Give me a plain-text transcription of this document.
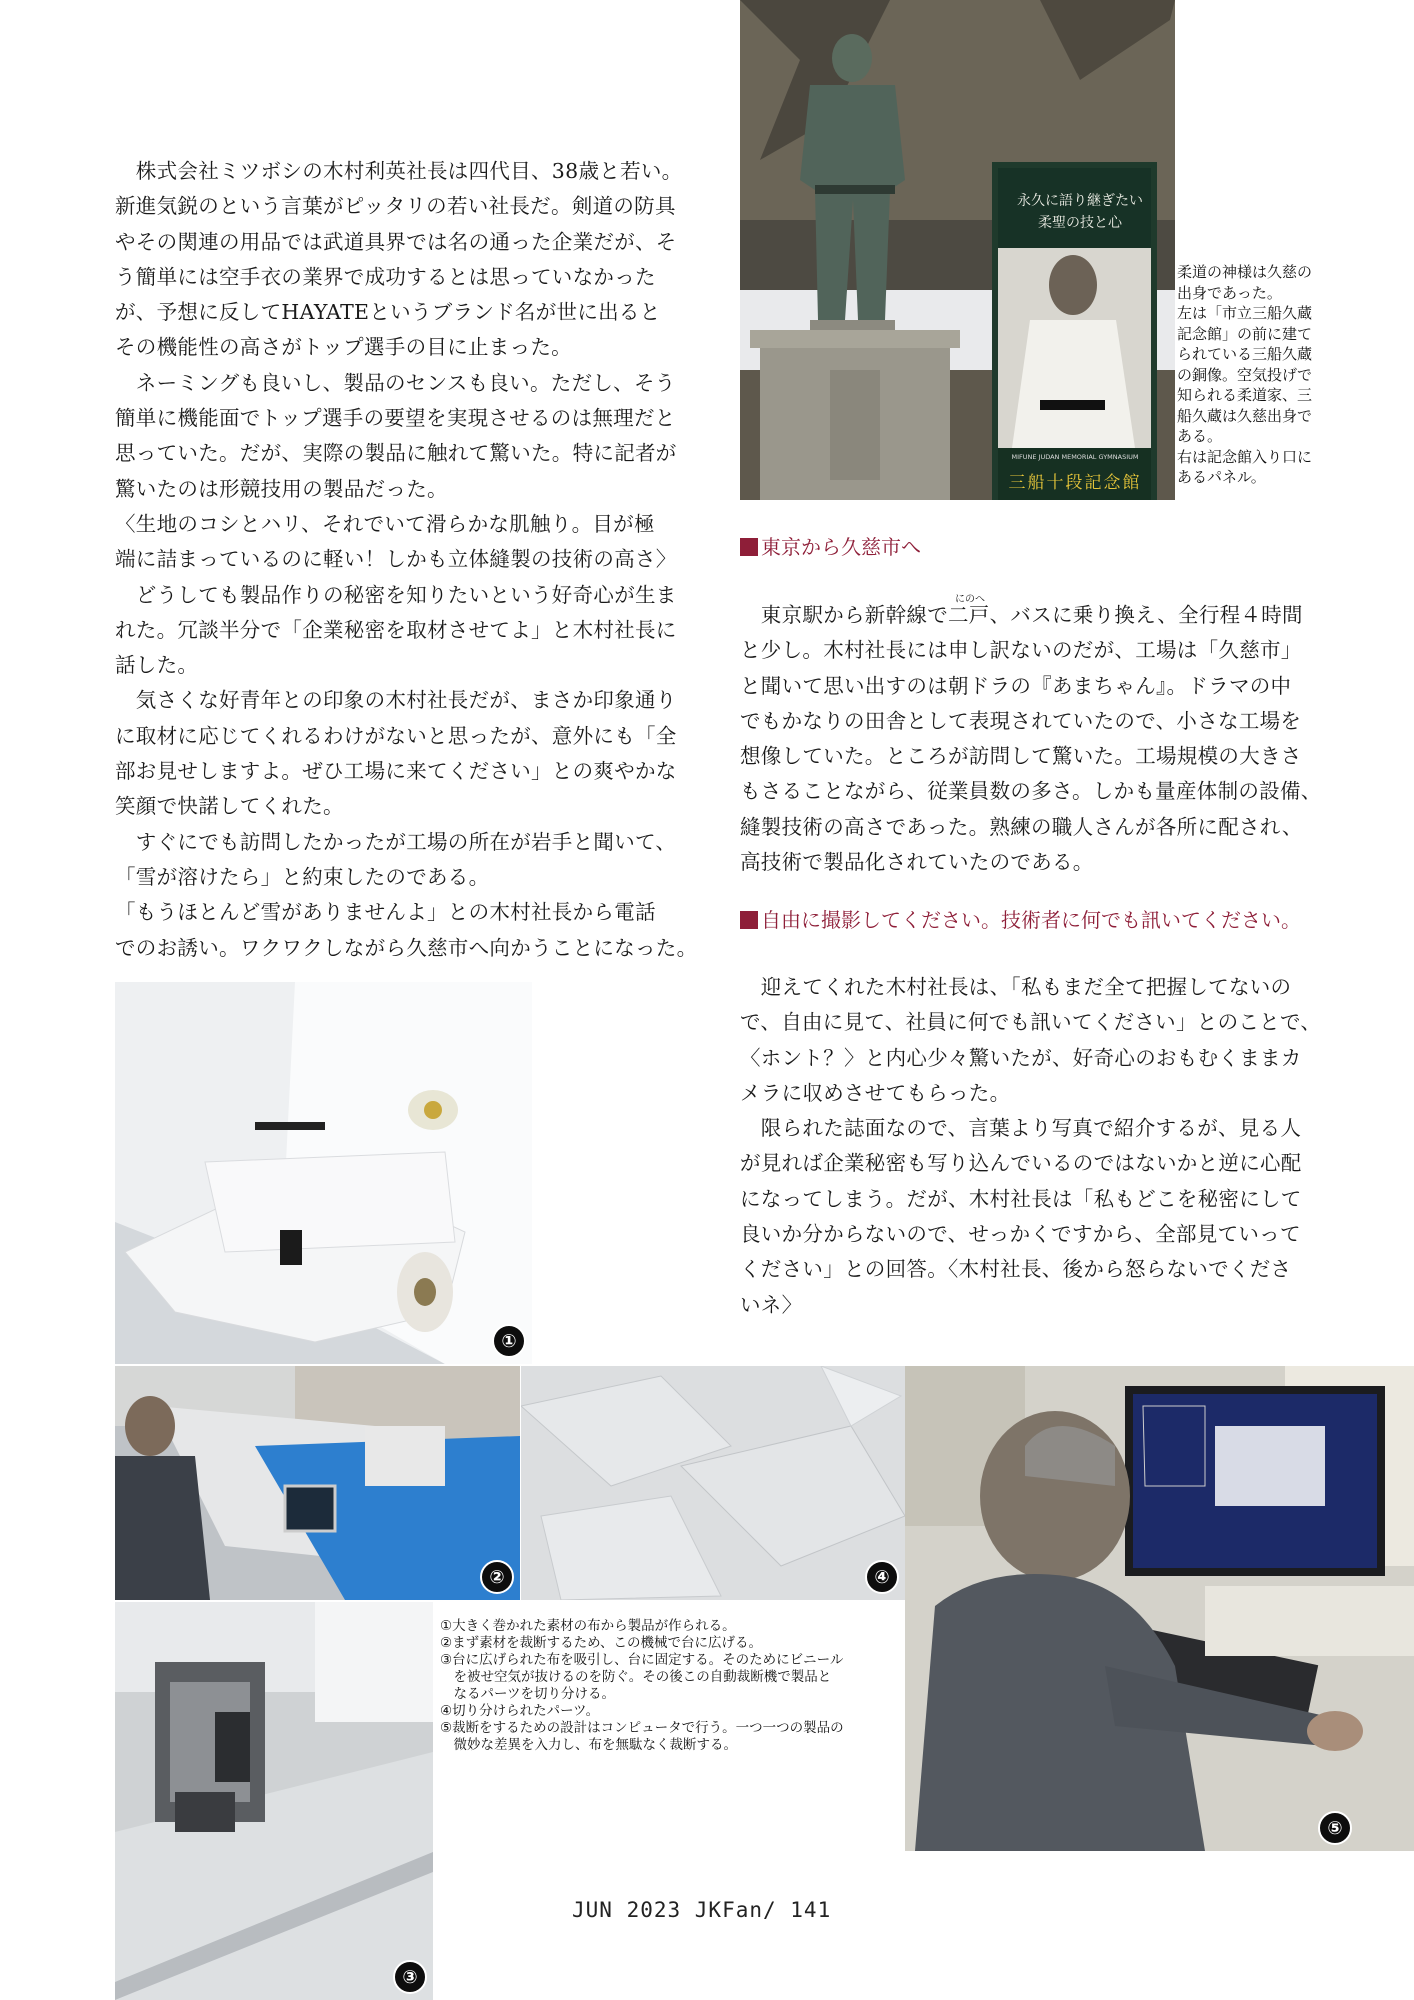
　株式会社ミツボシの木村利英社長は四代目、38歳と若い。
新進気鋭のという言葉がピッタリの若い社長だ。剣道の防具
やその関連の用品では武道具界では名の通った企業だが、そ
う簡単には空手衣の業界で成功するとは思っていなかった
が、予想に反してHAYATEというブランド名が世に出ると
その機能性の高さがトップ選手の目に止まった。
　ネーミングも良いし、製品のセンスも良い。ただし、そう
簡単に機能面でトップ選手の要望を実現させるのは無理だと
思っていた。だが、実際の製品に触れて驚いた。特に記者が
驚いたのは形競技用の製品だった。
〈生地のコシとハリ、それでいて滑らかな肌触り。目が極
端に詰まっているのに軽い！しかも立体縫製の技術の高さ〉
　どうしても製品作りの秘密を知りたいという好奇心が生ま
れた。冗談半分で「企業秘密を取材させてよ」と木村社長に
話した。
　気さくな好青年との印象の木村社長だが、まさか印象通り
に取材に応じてくれるわけがないと思ったが、意外にも「全
部お見せしますよ。ぜひ工場に来てください」との爽やかな
笑顔で快諾してくれた。
　すぐにでも訪問したかったが工場の所在が岩手と聞いて、
「雪が溶けたら」と約束したのである。
「もうほとんど雪がありませんよ」との木村社長から電話
でのお誘い。ワクワクしながら久慈市へ向かうことになった。
永久に語り継ぎたい
柔聖の技と心
MIFUNE JUDAN MEMORIAL GYMNASIUM
三船十段記念館
柔道の神様は久慈の
出身であった。
左は「市立三船久蔵
記念館」の前に建て
られている三船久蔵
の銅像。空気投げで
知られる柔道家、三
船久蔵は久慈出身で
ある。
右は記念館入り口に
あるパネル。
東京から久慈市へ
にのへ
　東京駅から新幹線で二戸、バスに乗り換え、全行程４時間
と少し。木村社長には申し訳ないのだが、工場は「久慈市」
と聞いて思い出すのは朝ドラの『あまちゃん』。ドラマの中
でもかなりの田舎として表現されていたので、小さな工場を
想像していた。ところが訪問して驚いた。工場規模の大きさ
もさることながら、従業員数の多さ。しかも量産体制の設備、
縫製技術の高さであった。熟練の職人さんが各所に配され、
高技術で製品化されていたのである。
自由に撮影してください。技術者に何でも訊いてください。
　迎えてくれた木村社長は、「私もまだ全て把握してないの
で、自由に見て、社員に何でも訊いてください」とのことで、
〈ホント？〉と内心少々驚いたが、好奇心のおもむくままカ
メラに収めさせてもらった。
　限られた誌面なので、言葉より写真で紹介するが、見る人
が見れば企業秘密も写り込んでいるのではないかと逆に心配
になってしまう。だが、木村社長は「私もどこを秘密にして
良いか分からないので、せっかくですから、全部見ていって
ください」との回答。〈木村社長、後から怒らないでくださ
いネ〉
①
②	④
③
①大きく巻かれた素材の布から製品が作られる。
②まず素材を裁断するため、この機械で台に広げる。
③台に広げられた布を吸引し、台に固定する。そのためにビニール
　を被せ空気が抜けるのを防ぐ。その後この自動裁断機で製品と
　なるパーツを切り分ける。
④切り分けられたパーツ。
⑤裁断をするための設計はコンピュータで行う。一つ一つの製品の
　微妙な差異を入力し、布を無駄なく裁断する。
⑤
JUN 2023 JKFan/ 141
